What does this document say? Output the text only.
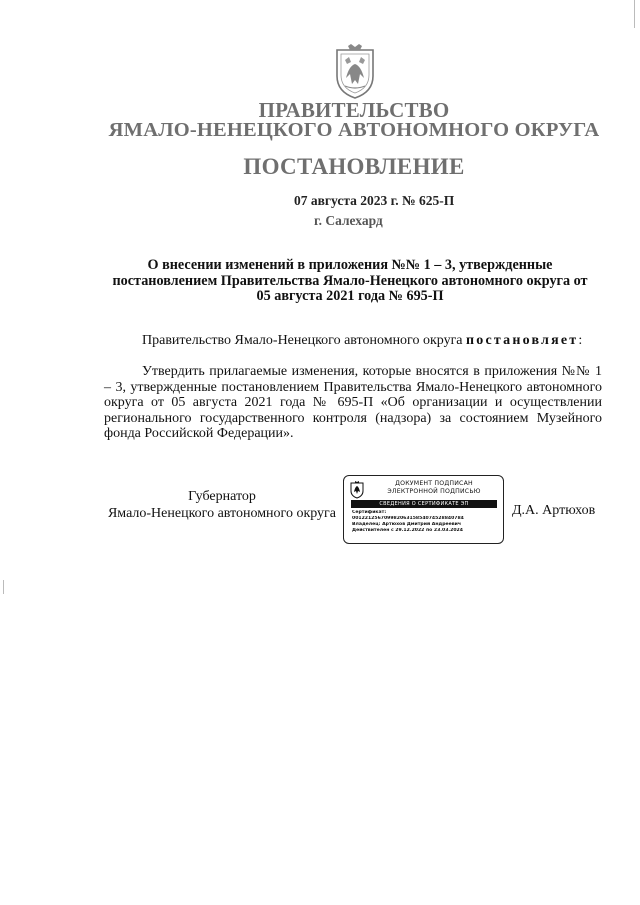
ПРАВИТЕЛЬСТВО
ЯМАЛО-НЕНЕЦКОГО АВТОНОМНОГО ОКРУГА
ПОСТАНОВЛЕНИЕ
07 августа 2023 г. № 625-П
г. Салехард
О внесении изменений в приложения №№ 1 – 3, утвержденные
постановлением Правительства Ямало-Ненецкого автономного округа от
05 августа 2021 года № 695-П
Правительство Ямало-Ненецкого автономного округа постановляет:
Утвердить прилагаемые изменения, которые вносятся в приложения №№ 1 – 3, утвержденные постановлением Правительства Ямало-Ненецкого автономного округа от 05 августа 2021 года № 695-П «Об организации и осуществлении регионального государственного контроля (надзора) за состоянием Музейного фонда Российской Федерации».
Губернатор
Ямало-Ненецкого автономного округа
ДОКУМЕНТ ПОДПИСАН
ЭЛЕКТРОННОЙ ПОДПИСЬЮ
СВЕДЕНИЯ О СЕРТИФИКАТЕ ЭП
Сертификат:
00122125670998206315854074528840784
Владелец: Артюхов Дмитрий Андреевич
Действителен с 29.12.2022 по 23.03.2024
Д.А. Артюхов
